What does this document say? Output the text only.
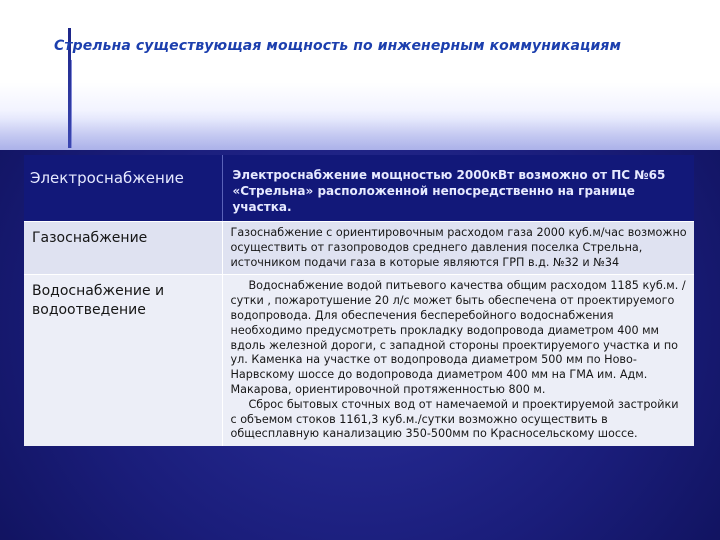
Стрельна существующая мощность по инженерным коммуникациям
Электроснабжение	Электроснабжение мощностью 2000кВт возможно от ПС №65 «Стрельна» расположенной непосредственно на границе участка.
Газоснабжение	Газоснабжение с ориентировочным расходом газа 2000 куб.м/час возможно осуществить от газопроводов среднего давления поселка Стрельна, источником подачи газа в которые являются ГРП в.д. №32 и №34
Водоснабжение и водоотведение	Водоснабжение водой питьевого качества общим расходом 1185 куб.м. /сутки , пожаротушение 20 л/с может быть обеспечена от проектируемого водопровода. Для обеспечения бесперебойного водоснабжения необходимо предусмотреть прокладку водопровода диаметром 400 мм вдоль железной дороги, с западной стороны проектируемого участка и по ул. Каменка на участке от водопровода диаметром 500 мм по Ново-Нарвскому шоссе до водопровода диаметром 400 мм на ГМА им. Адм. Макарова, ориентировочной протяженностью 800 м.

Сброс бытовых сточных вод от намечаемой и проектируемой застройки с объемом стоков 1161,3 куб.м./сутки возможно осуществить в общесплавную канализацию 350-500мм по Красносельскому шоссе.
